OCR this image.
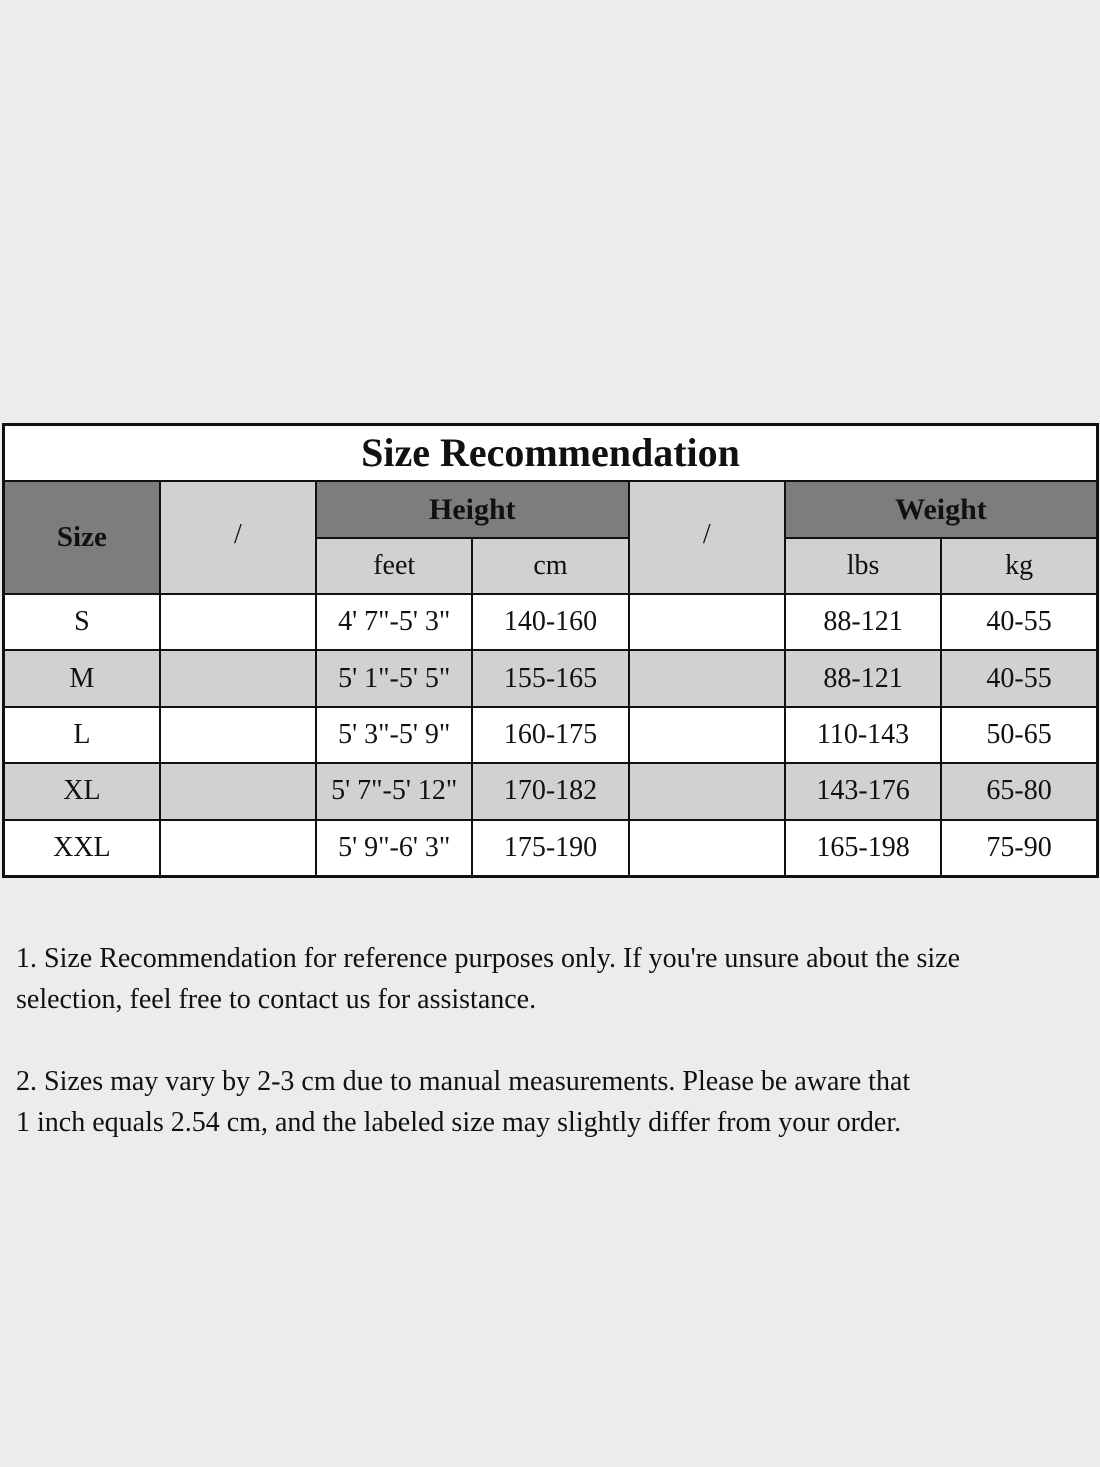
Size Recommendation						
Size	/	Height		/	Weight	
		feet	cm		lbs	kg
S		4' 7"-5' 3"	140-160		88-121	40-55
M		5' 1"-5' 5"	155-165		88-121	40-55
L		5' 3"-5' 9"	160-175		110-143	50-65
XL		5' 7"-5' 12"	170-182		143-176	65-80
XXL		5' 9"-6' 3"	175-190		165-198	75-90

1. Size Recommendation for reference purposes only. If you're unsure about the size
selection, feel free to contact us for assistance.

2. Sizes may vary by 2-3 cm due to manual measurements. Please be aware that
1 inch equals 2.54 cm, and the labeled size may slightly differ from your order.
